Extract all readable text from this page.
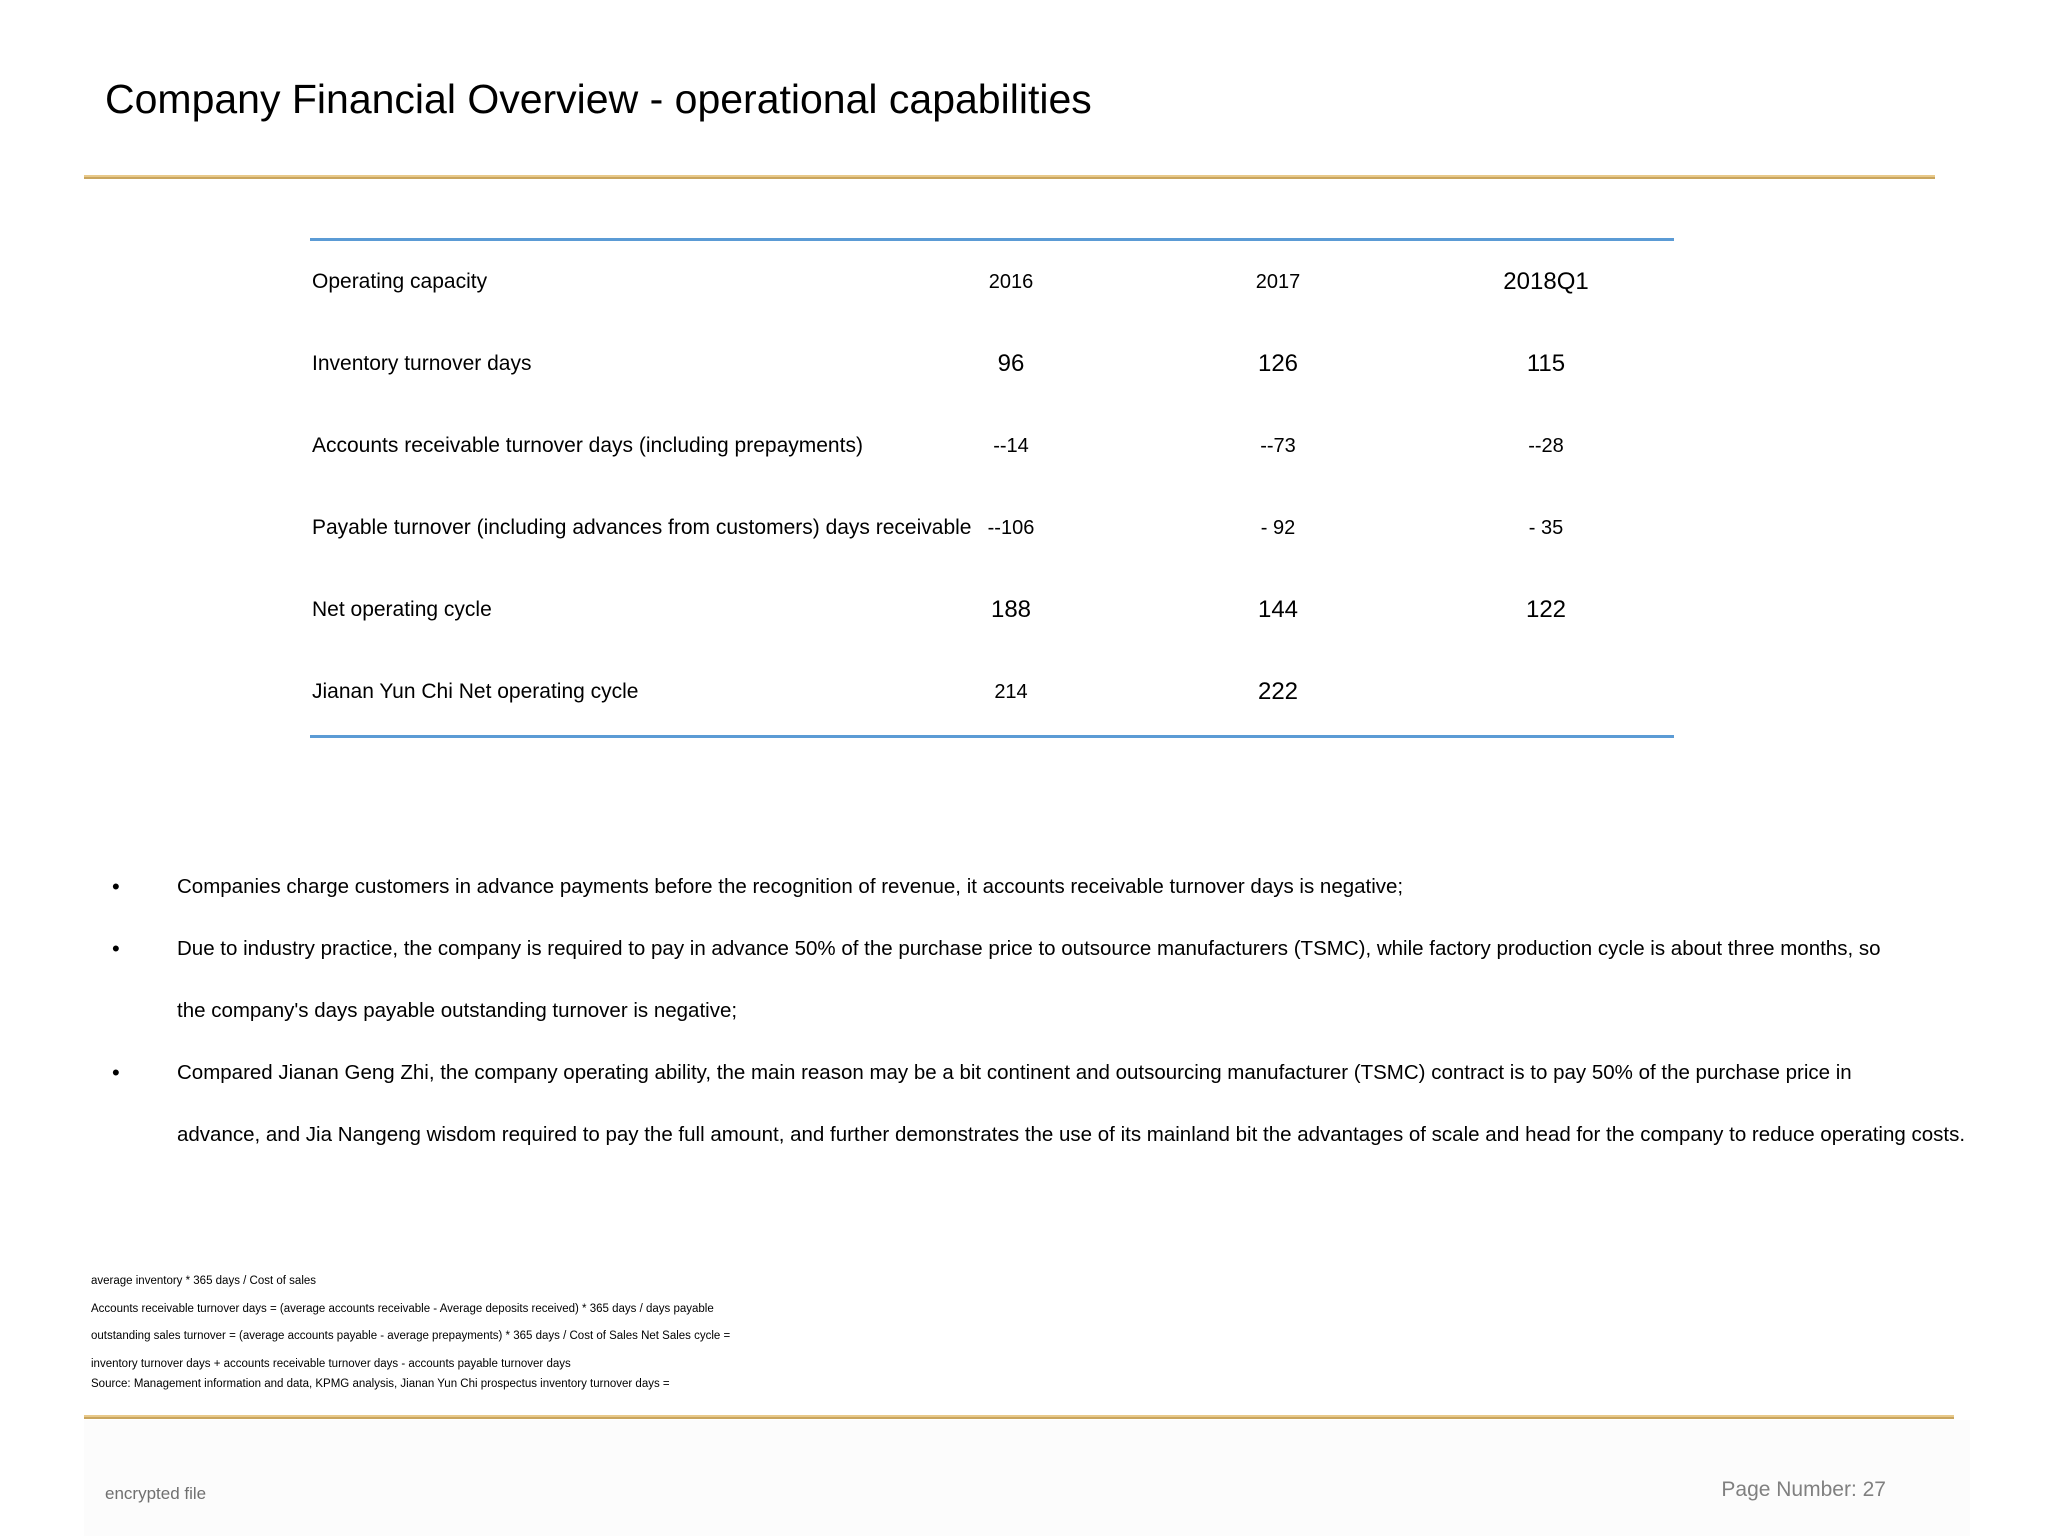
Company Financial Overview - operational capabilities
Operating capacity	2016	2017	2018Q1
Inventory turnover days	96	126	115
Accounts receivable turnover days (including prepayments)	--14	--73	--28
Payable turnover (including advances from customers) days receivable --106	- 92	- 35
Net operating cycle	188	144	122
Jianan Yun Chi Net operating cycle	214	222
•	Companies charge customers in advance payments before the recognition of revenue, it accounts receivable turnover days is negative;
•	Due to industry practice, the company is required to pay in advance 50% of the purchase price to outsource manufacturers (TSMC), while factory production cycle is about three months, so
the company's days payable outstanding turnover is negative;
•	Compared Jianan Geng Zhi, the company operating ability, the main reason may be a bit continent and outsourcing manufacturer (TSMC) contract is to pay 50% of the purchase price in
advance, and Jia Nangeng wisdom required to pay the full amount, and further demonstrates the use of its mainland bit the advantages of scale and head for the company to reduce operating costs.
average inventory * 365 days / Cost of sales
Accounts receivable turnover days = (average accounts receivable - Average deposits received) * 365 days / days payable
outstanding sales turnover = (average accounts payable - average prepayments) * 365 days / Cost of Sales Net Sales cycle =
inventory turnover days + accounts receivable turnover days - accounts payable turnover days
Source: Management information and data, KPMG analysis, Jianan Yun Chi prospectus inventory turnover days =
encrypted file	Page Number: 27
